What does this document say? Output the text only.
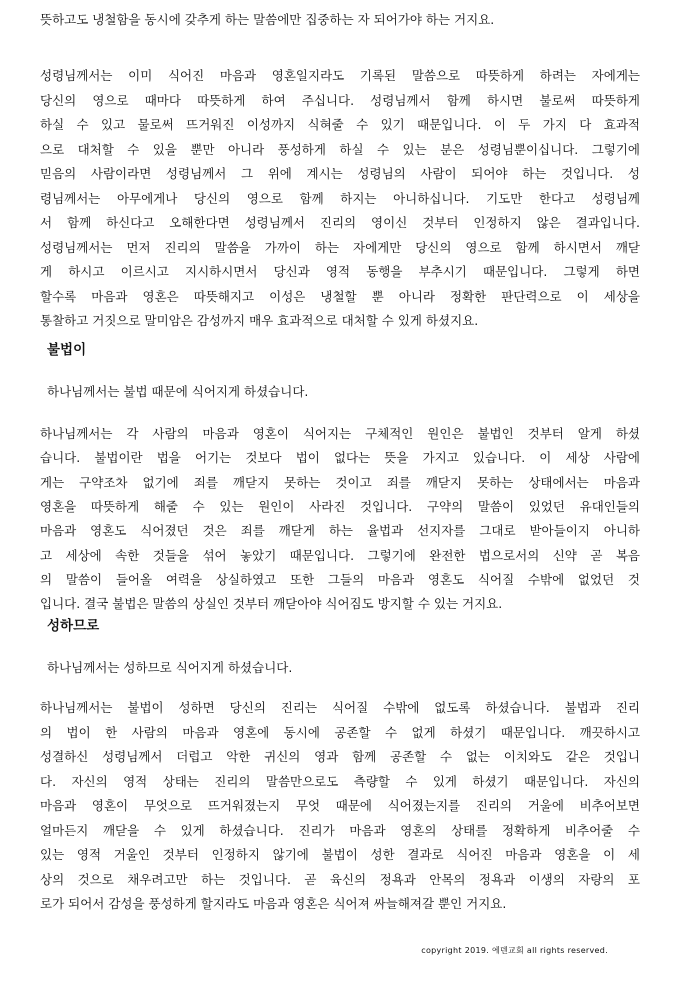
뜻하고도 냉철함을 동시에 갖추게 하는 말씀에만 집중하는 자 되어가야 하는 거지요.
성령님께서는 이미 식어진 마음과 영혼일지라도 기록된 말씀으로 따뜻하게 하려는 자에게는
당신의 영으로 때마다 따뜻하게 하여 주십니다. 성령님께서 함께 하시면 불로써 따뜻하게
하실 수 있고 물로써 뜨거워진 이성까지 식혀줄 수 있기 때문입니다. 이 두 가지 다 효과적
으로 대처할 수 있을 뿐만 아니라 풍성하게 하실 수 있는 분은 성령님뿐이십니다. 그렇기에
믿음의 사람이라면 성령님께서 그 위에 계시는 성령님의 사람이 되어야 하는 것입니다. 성
령님께서는 아무에게나 당신의 영으로 함께 하지는 아니하십니다. 기도만 한다고 성령님께
서 함께 하신다고 오해한다면 성령님께서 진리의 영이신 것부터 인정하지 않은 결과입니다.
성령님께서는 먼저 진리의 말씀을 가까이 하는 자에게만 당신의 영으로 함께 하시면서 깨닫
게 하시고 이르시고 지시하시면서 당신과 영적 동행을 부추시기 때문입니다. 그렇게 하면
할수록 마음과 영혼은 따뜻해지고 이성은 냉철할 뿐 아니라 정확한 판단력으로 이 세상을
통찰하고 거짓으로 말미암은 감성까지 매우 효과적으로 대처할 수 있게 하셨지요.
불법이
하나님께서는 불법 때문에 식어지게 하셨습니다.
하나님께서는 각 사람의 마음과 영혼이 식어지는 구체적인 원인은 불법인 것부터 알게 하셨
습니다. 불법이란 법을 어기는 것보다 법이 없다는 뜻을 가지고 있습니다. 이 세상 사람에
게는 구약조차 없기에 죄를 깨닫지 못하는 것이고 죄를 깨닫지 못하는 상태에서는 마음과
영혼을 따뜻하게 해줄 수 있는 원인이 사라진 것입니다. 구약의 말씀이 있었던 유대인들의
마음과 영혼도 식어졌던 것은 죄를 깨닫게 하는 율법과 선지자를 그대로 받아들이지 아니하
고 세상에 속한 것들을 섞어 놓았기 때문입니다. 그렇기에 완전한 법으로서의 신약 곧 복음
의 말씀이 들어올 여력을 상실하였고 또한 그들의 마음과 영혼도 식어질 수밖에 없었던 것
입니다. 결국 불법은 말씀의 상실인 것부터 깨닫아야 식어짐도 방지할 수 있는 거지요.
성하므로
하나님께서는 성하므로 식어지게 하셨습니다.
하나님께서는 불법이 성하면 당신의 진리는 식어질 수밖에 없도록 하셨습니다. 불법과 진리
의 법이 한 사람의 마음과 영혼에 동시에 공존할 수 없게 하셨기 때문입니다. 깨끗하시고
성결하신 성령님께서 더럽고 악한 귀신의 영과 함께 공존할 수 없는 이치와도 같은 것입니
다. 자신의 영적 상태는 진리의 말씀만으로도 측량할 수 있게 하셨기 때문입니다. 자신의
마음과 영혼이 무엇으로 뜨거워졌는지 무엇 때문에 식어졌는지를 진리의 거울에 비추어보면
얼마든지 깨닫을 수 있게 하셨습니다. 진리가 마음과 영혼의 상태를 정확하게 비추어줄 수
있는 영적 거울인 것부터 인정하지 않기에 불법이 성한 결과로 식어진 마음과 영혼을 이 세
상의 것으로 채우려고만 하는 것입니다. 곧 육신의 정욕과 안목의 정욕과 이생의 자랑의 포
로가 되어서 감성을 풍성하게 할지라도 마음과 영혼은 식어져 싸늘해져갈 뿐인 거지요.
copyright 2019. 에덴교회 all rights reserved.
